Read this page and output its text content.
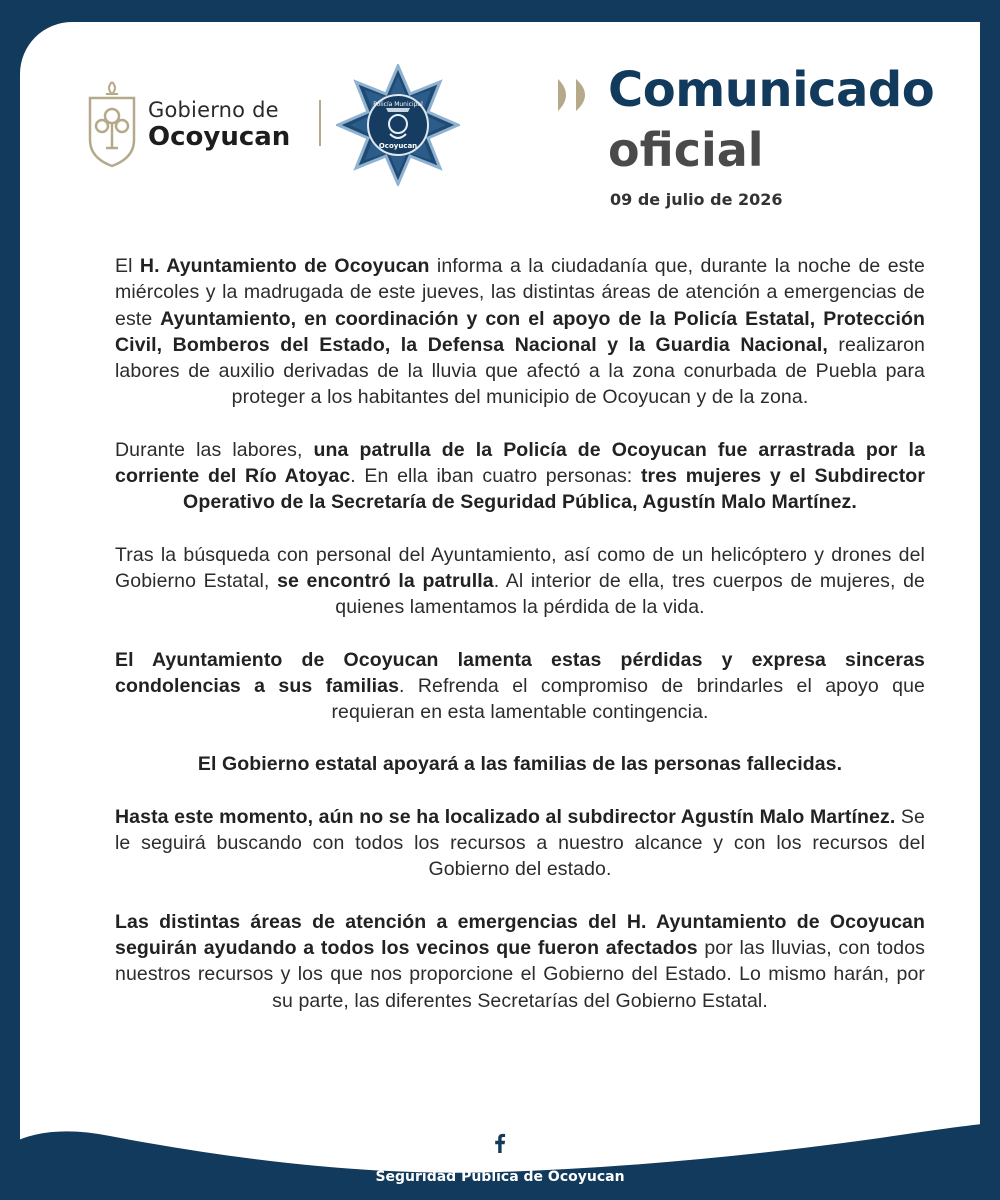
Gobierno de
Ocoyucan
Policía Municipal
Ocoyucan
Comunicado
oficial
09 de julio de 2026

El H. Ayuntamiento de Ocoyucan informa a la ciudadanía que, durante la noche de este miércoles y la madrugada de este jueves, las distintas áreas de atención a emergencias de este Ayuntamiento, en coordinación y con el apoyo de la Policía Estatal, Protección Civil, Bomberos del Estado, la Defensa Nacional y la Guardia Nacional, realizaron labores de auxilio derivadas de la lluvia que afectó a la zona conurbada de Puebla para proteger a los habitantes del municipio de Ocoyucan y de la zona.

Durante las labores, una patrulla de la Policía de Ocoyucan fue arrastrada por la corriente del Río Atoyac. En ella iban cuatro personas: tres mujeres y el Subdirector Operativo de la Secretaría de Seguridad Pública, Agustín Malo Martínez.

Tras la búsqueda con personal del Ayuntamiento, así como de un helicóptero y drones del Gobierno Estatal, se encontró la patrulla. Al interior de ella, tres cuerpos de mujeres, de quienes lamentamos la pérdida de la vida.

El Ayuntamiento de Ocoyucan lamenta estas pérdidas y expresa sinceras condolencias a sus familias. Refrenda el compromiso de brindarles el apoyo que requieran en esta lamentable contingencia.

El Gobierno estatal apoyará a las familias de las personas fallecidas.

Hasta este momento, aún no se ha localizado al subdirector Agustín Malo Martínez. Se le seguirá buscando con todos los recursos a nuestro alcance y con los recursos del Gobierno del estado.

Las distintas áreas de atención a emergencias del H. Ayuntamiento de Ocoyucan seguirán ayudando a todos los vecinos que fueron afectados por las lluvias, con todos nuestros recursos y los que nos proporcione el Gobierno del Estado. Lo mismo harán, por su parte, las diferentes Secretarías del Gobierno Estatal.

Seguridad Pública de Ocoyucan
